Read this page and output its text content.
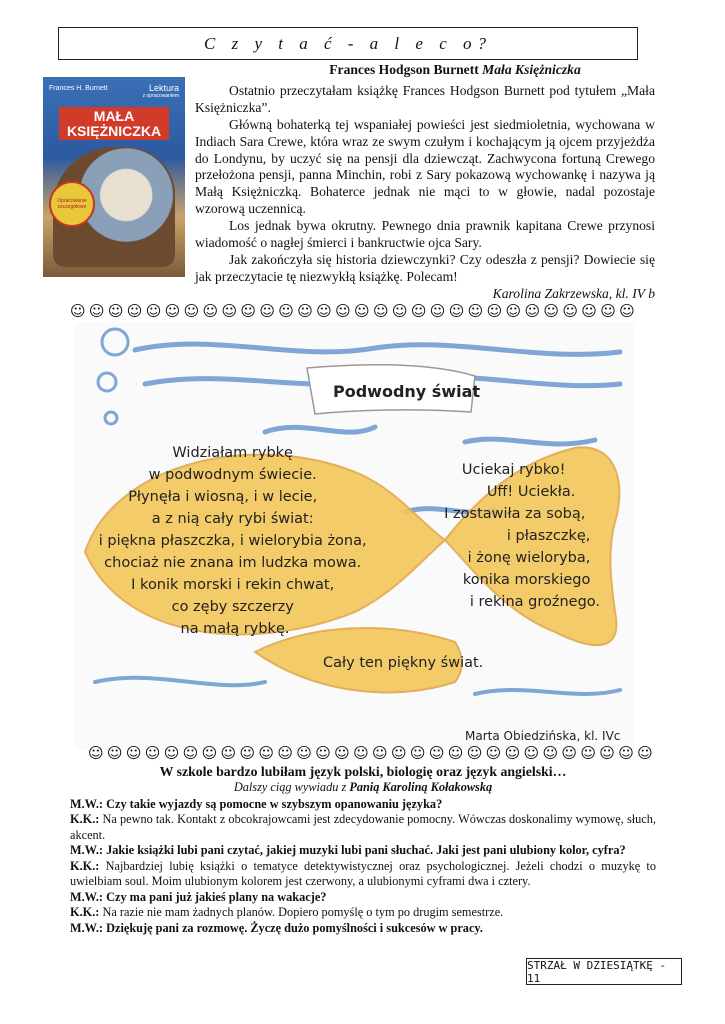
C z y t a ć - a l e c o?
Frances H. Burnett	Lektura
z opracowaniem
MAŁA
KSIĘŻNICZKA
Opracowanie szczegółowe
Frances Hodgson Burnett Mała Księżniczka

Ostatnio przeczytałam książkę Frances Hodgson Burnett pod tytułem „Mała Księżniczka”.

Główną bohaterką tej wspaniałej powieści jest siedmioletnia, wychowana w Indiach Sara Crewe, która wraz ze swym czułym i kochającym ją ojcem przyjeżdża do Londynu, by uczyć się na pensji dla dziewcząt. Zachwycona fortuną Crewego przełożona pensji, panna Minchin, robi z Sary pokazową wychowankę i nazywa ją Małą Księżniczką. Bohaterce jednak nie mąci to w głowie, nadal pozostaje wzorową uczennicą.

Los jednak bywa okrutny. Pewnego dnia prawnik kapitana Crewe przynosi wiadomość o nagłej śmierci i bankructwie ojca Sary.

Jak zakończyła się historia dziewczynki? Czy odeszła z pensji? Dowiecie się jak przeczytacie tę niezwykłą książkę. Polecam!

Karolina Zakrzewska, kl. IV b
☺☺☺☺☺☺☺☺☺☺☺☺☺☺☺☺☺☺☺☺☺☺☺☺☺☺☺☺☺☺
Podwodny świat
Widziałam rybkę w podwodnym świecie. Płynęła i wiosną, i w lecie, a z nią cały rybi świat: i piękna płaszczka, i wielorybia żona, chociaż nie znana im ludzka mowa. I konik morski i rekin chwat, co zęby szczerzy na małą rybkę.
Uciekaj rybko! Uff! Uciekła. I zostawiła za sobą, i płaszczkę, i żonę wieloryba, konika morskiego i rekina groźnego.
Cały ten piękny świat.
Marta Obiedzińska, kl. IVc
☺☺☺☺☺☺☺☺☺☺☺☺☺☺☺☺☺☺☺☺☺☺☺☺☺☺☺☺☺☺
W szkole bardzo lubiłam język polski, biologię oraz język angielski…
Dalszy ciąg wywiadu z Panią Karoliną Kołakowską

M.W.: Czy takie wyjazdy są pomocne w szybszym opanowaniu języka?

K.K.: Na pewno tak. Kontakt z obcokrajowcami jest zdecydowanie pomocny. Wówczas doskonalimy wymowę, słuch, akcent.

M.W.: Jakie książki lubi pani czytać, jakiej muzyki lubi pani słuchać. Jaki jest pani ulubiony kolor, cyfra?

K.K.: Najbardziej lubię książki o tematyce detektywistycznej oraz psychologicznej. Jeżeli chodzi o muzykę to uwielbiam soul. Moim ulubionym kolorem jest czerwony, a ulubionymi cyframi dwa i cztery.

M.W.: Czy ma pani już jakieś plany na wakacje?

K.K.: Na razie nie mam żadnych planów. Dopiero pomyślę o tym po drugim semestrze.

M.W.: Dziękuję pani za rozmowę. Życzę dużo pomyślności i sukcesów w pracy.

STRZAŁ W DZIESIĄTKĘ - 11
